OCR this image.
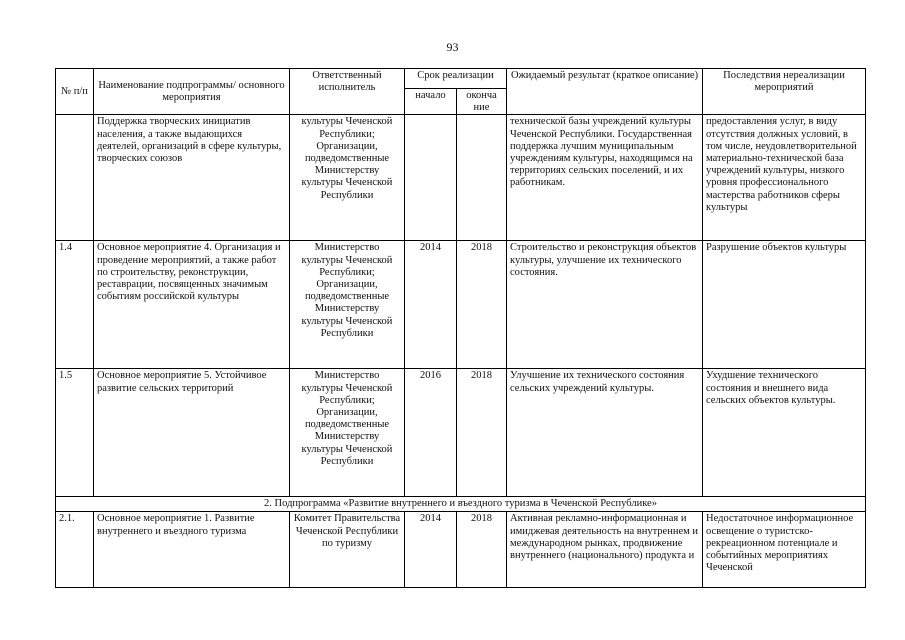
93
№ п/п	Наименование подпрограммы/ основного мероприятия	Ответственный исполнитель	Срок реализации		Ожидаемый результат (краткое описание)	Последствия нереализации мероприятий
			начало	оконча ние		
	Поддержка творческих инициатив населения, а также выдающихся деятелей, организаций в сфере культуры, творческих союзов	культуры Чеченской Республики; Организации, подведомственные Министерству культуры Чеченской Республики			технической базы учреждений культуры Чеченской Республики. Государственная поддержка лучшим муниципальным учреждениям культуры, находящимся на территориях сельских поселений, и их работникам.	предоставления услуг, в виду отсутствия должных условий, в том числе, неудовлетворительной материально-технической база учреждений культуры, низкого уровня профессионального мастерства работников сферы культуры
1.4	Основное мероприятие 4. Организация и проведение мероприятий, а также работ по строительству, реконструкции, реставрации, посвященных значимым событиям российской культуры	Министерство культуры Чеченской Республики; Организации, подведомственные Министерству культуры Чеченской Республики	2014	2018	Строительство и реконструкция объектов культуры, улучшение их технического состояния.	Разрушение объектов культуры
1.5	Основное мероприятие 5. Устойчивое развитие сельских территорий	Министерство культуры Чеченской Республики; Организации, подведомственные Министерству культуры Чеченской Республики	2016	2018	Улучшение их технического состояния сельских учреждений культуры.	Ухудшение технического состояния и внешнего вида сельских объектов культуры.
2. Подпрограмма «Развитие внутреннего и въездного туризма в Чеченской Республике»						
2.1.	Основное мероприятие 1. Развитие внутреннего и въездного туризма	Комитет Правительства Чеченской Республики по туризму	2014	2018	Активная рекламно-информационная и имиджевая деятельность на внутреннем и международном рынках, продвижение внутреннего (национального) продукта и	Недостаточное информационное освещение о туристско-рекреационном потенциале и событийных мероприятиях Чеченской
